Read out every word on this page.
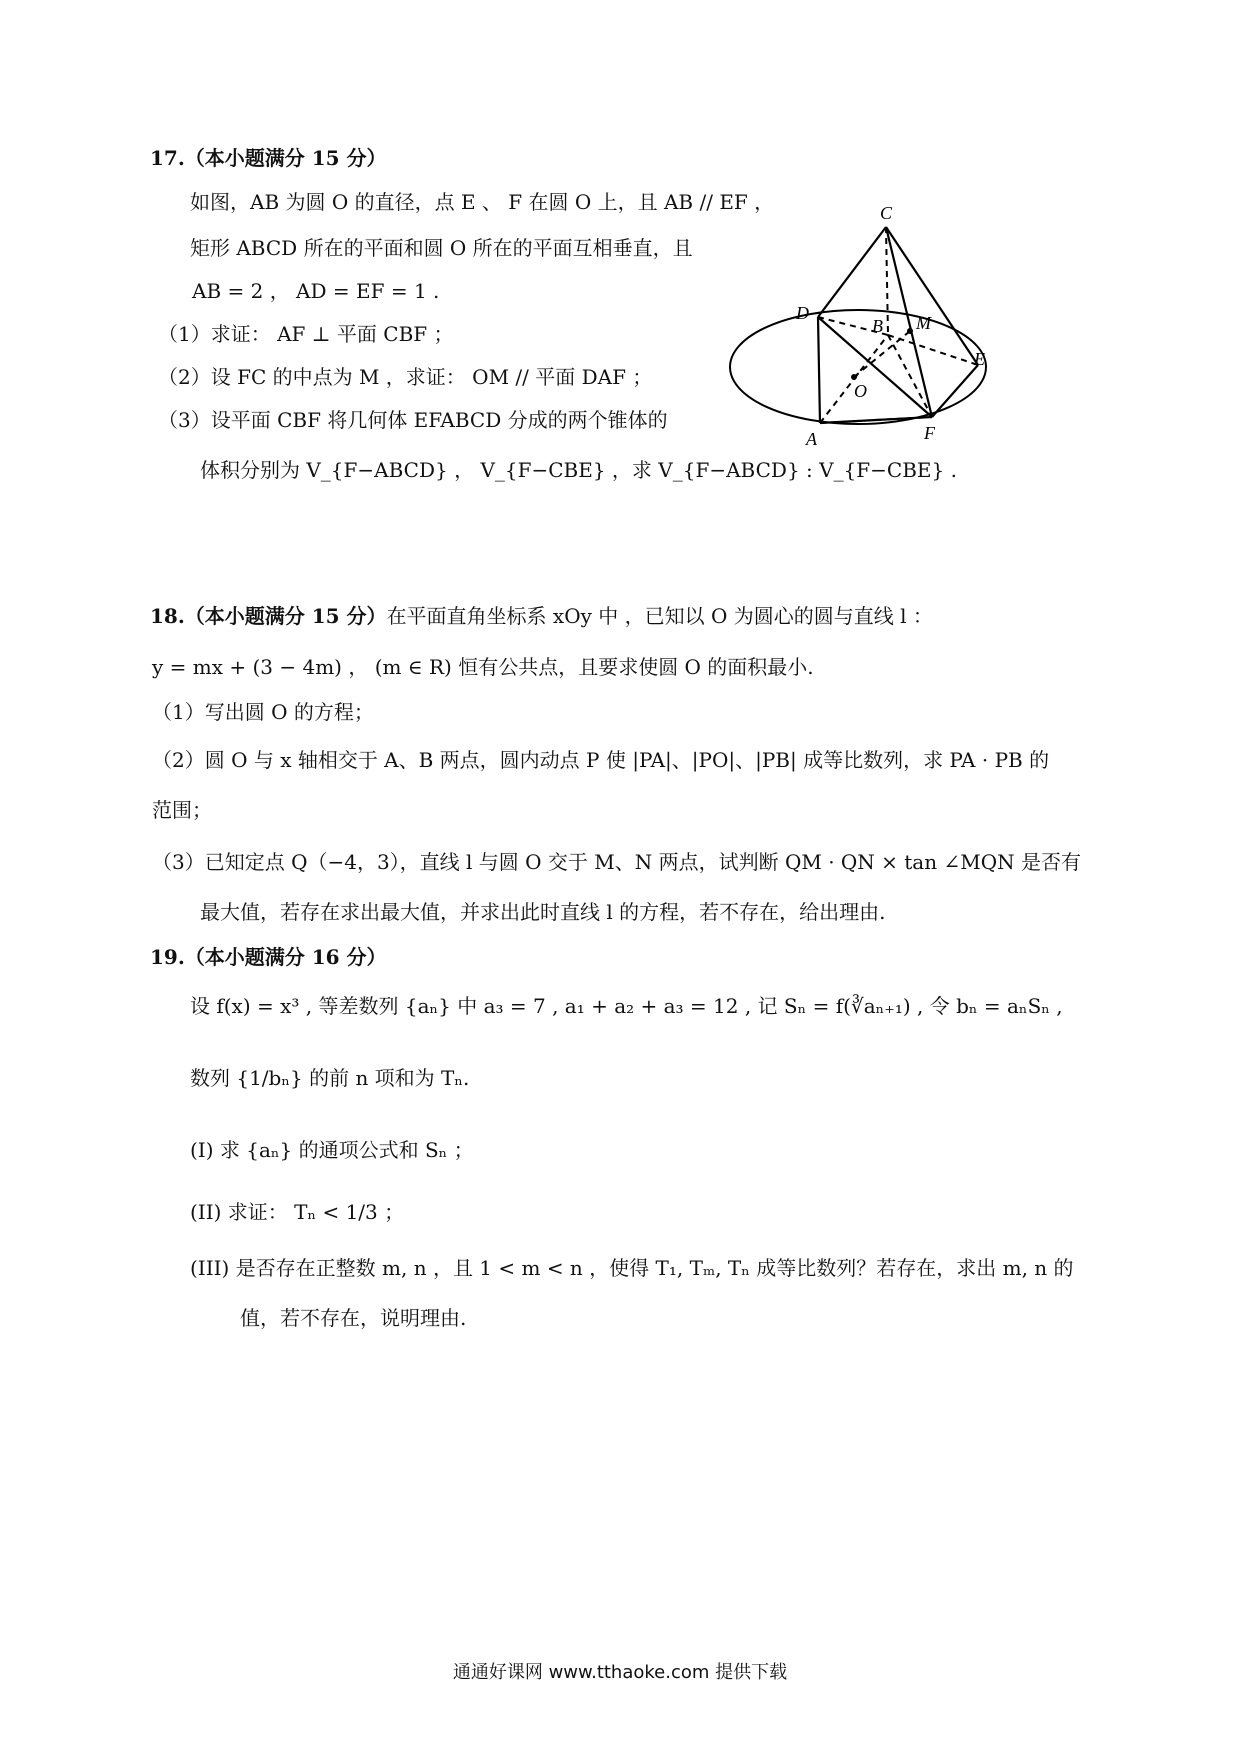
17.（本小题满分 15 分）
如图，AB 为圆 O 的直径，点 E 、 F 在圆 O 上，且 AB // EF ，
矩形 ABCD 所在的平面和圆 O 所在的平面互相垂直，且
AB = 2 ， AD = EF = 1 .
（1）求证： AF ⊥ 平面 CBF ；
（2）设 FC 的中点为 M ，求证： OM // 平面 DAF ；
（3）设平面 CBF 将几何体 EFABCD 分成的两个锥体的
体积分别为 V_{F−ABCD} ， V_{F−CBE} ，求 V_{F−ABCD} : V_{F−CBE} .
C
D
B M
E
O
A	F
18.（本小题满分 15 分）在平面直角坐标系 xOy 中 ，已知以 O 为圆心的圆与直线 l ：
y = mx + (3 − 4m) ， (m ∈ R) 恒有公共点，且要求使圆 O 的面积最小.
（1）写出圆 O 的方程；
（2）圆 O 与 x 轴相交于 A、B 两点，圆内动点 P 使 |PA|、|PO|、|PB| 成等比数列，求 PA · PB 的
范围；
（3）已知定点 Q（−4，3），直线 l 与圆 O 交于 M、N 两点，试判断 QM · QN × tan ∠MQN 是否有
最大值，若存在求出最大值，并求出此时直线 l 的方程，若不存在，给出理由.
19.（本小题满分 16 分）
设 f(x) = x³ , 等差数列 {aₙ} 中 a₃ = 7 , a₁ + a₂ + a₃ = 12 , 记 Sₙ = f(∛aₙ₊₁) , 令 bₙ = aₙSₙ ,
数列 {1/bₙ} 的前 n 项和为 Tₙ.
(I) 求 {aₙ} 的通项公式和 Sₙ ；
(II) 求证： Tₙ < 1/3 ；
(III) 是否存在正整数 m, n ，且 1 < m < n ，使得 T₁, Tₘ, Tₙ 成等比数列？若存在，求出 m, n 的
值，若不存在，说明理由.
通通好课网 www.tthaoke.com 提供下载
